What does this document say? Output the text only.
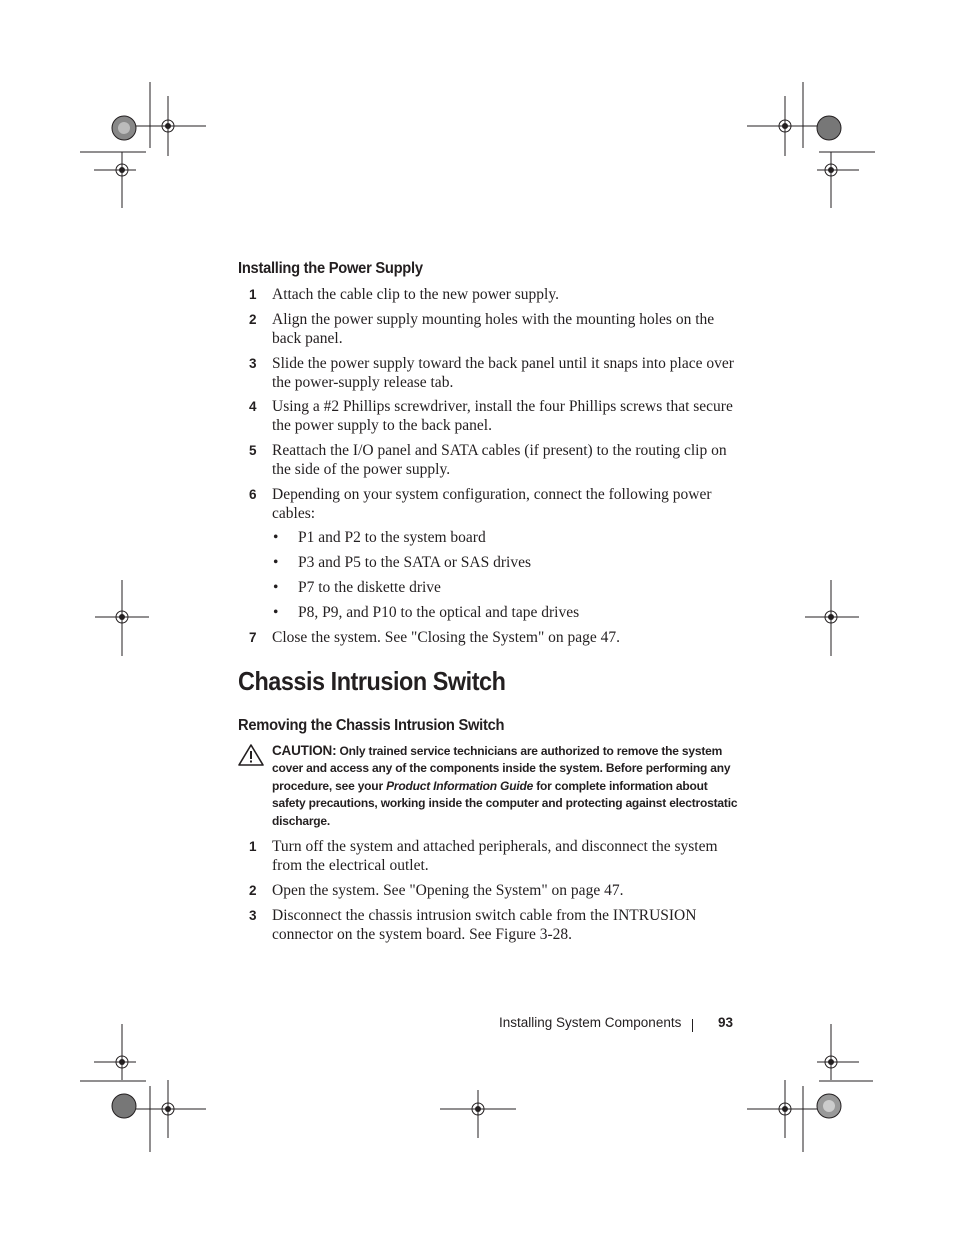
Installing the Power Supply
1 Attach the cable clip to the new power supply.
2 Align the power supply mounting holes with the mounting holes on the back panel.
3 Slide the power supply toward the back panel until it snaps into place over the power-supply release tab.
4 Using a #2 Phillips screwdriver, install the four Phillips screws that secure the power supply to the back panel.
5 Reattach the I/O panel and SATA cables (if present) to the routing clip on the side of the power supply.
6 Depending on your system configuration, connect the following power cables:
• P1 and P2 to the system board
• P3 and P5 to the SATA or SAS drives
• P7 to the diskette drive
• P8, P9, and P10 to the optical and tape drives
7 Close the system. See "Closing the System" on page 47.
Chassis Intrusion Switch
Removing the Chassis Intrusion Switch
CAUTION: Only trained service technicians are authorized to remove the system cover and access any of the components inside the system. Before performing any procedure, see your Product Information Guide for complete information about safety precautions, working inside the computer and protecting against electrostatic discharge.
1 Turn off the system and attached peripherals, and disconnect the system from the electrical outlet.
2 Open the system. See "Opening the System" on page 47.
3 Disconnect the chassis intrusion switch cable from the INTRUSION connector on the system board. See Figure 3-28.
Installing System Components	93
